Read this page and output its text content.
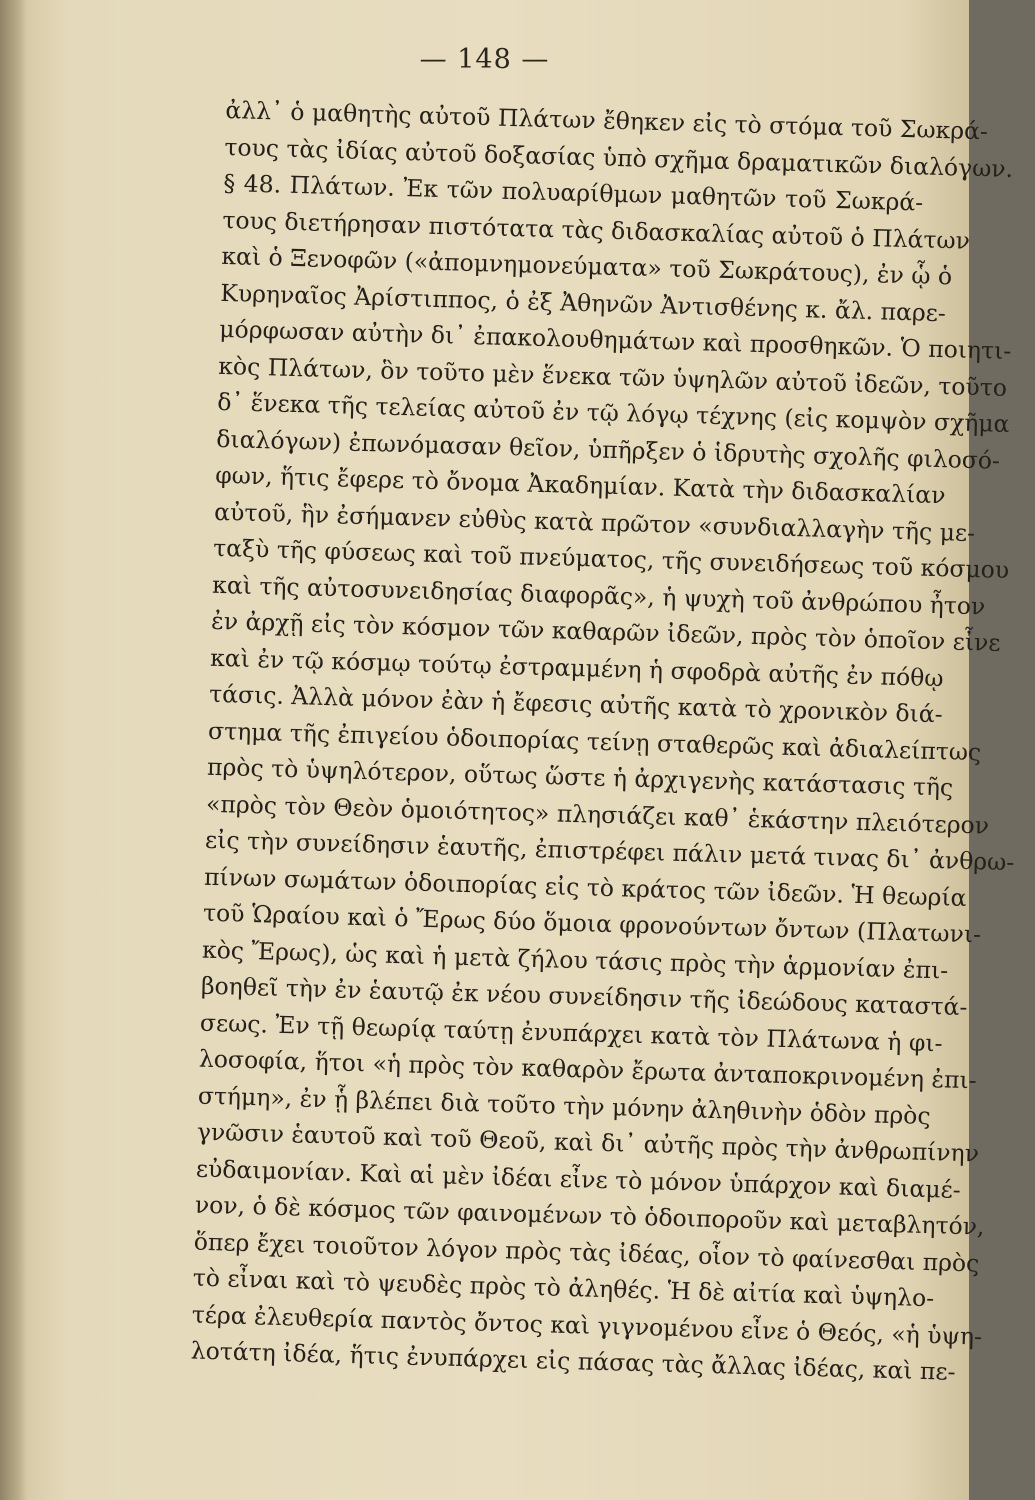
— 148 —
ἀλλ᾽ ὁ μαθητὴς αὐτοῦ Πλάτων ἔθηκεν εἰς τὸ στόμα τοῦ Σωκρά-
τους τὰς ἰδίας αὐτοῦ δοξασίας ὑπὸ σχῆμα δραματικῶν διαλόγων.
§ 48. Πλάτων. Ἐκ τῶν πολυαρίθμων μαθητῶν τοῦ Σωκρά-
τους διετήρησαν πιστότατα τὰς διδασκαλίας αὐτοῦ ὁ Πλάτων
καὶ ὁ Ξενοφῶν («ἀπομνημονεύματα» τοῦ Σωκράτους), ἐν ᾧ ὁ
Κυρηναῖος Ἀρίστιππος, ὁ ἐξ Ἀθηνῶν Ἀντισθένης κ. ἄλ. παρε-
μόρφωσαν αὐτὴν δι᾽ ἐπακολουθημάτων καὶ προσθηκῶν. Ὁ ποιητι-
κὸς Πλάτων, ὃν τοῦτο μὲν ἕνεκα τῶν ὑψηλῶν αὐτοῦ ἰδεῶν, τοῦτο
δ᾽ ἕνεκα τῆς τελείας αὐτοῦ ἐν τῷ λόγῳ τέχνης (εἰς κομψὸν σχῆμα
διαλόγων) ἐπωνόμασαν θεῖον, ὑπῆρξεν ὁ ἱδρυτὴς σχολῆς φιλοσό-
φων, ἥτις ἔφερε τὸ ὄνομα Ἀκαδημίαν. Κατὰ τὴν διδασκαλίαν
αὐτοῦ, ἣν ἐσήμανεν εὐθὺς κατὰ πρῶτον «συνδιαλλαγὴν τῆς με-
ταξὺ τῆς φύσεως καὶ τοῦ πνεύματος, τῆς συνειδήσεως τοῦ κόσμου
καὶ τῆς αὐτοσυνειδησίας διαφορᾶς», ἡ ψυχὴ τοῦ ἀνθρώπου ἦτον
ἐν ἀρχῇ εἰς τὸν κόσμον τῶν καθαρῶν ἰδεῶν, πρὸς τὸν ὁποῖον εἶνε
καὶ ἐν τῷ κόσμῳ τούτῳ ἐστραμμένη ἡ σφοδρὰ αὐτῆς ἐν πόθῳ
τάσις. Ἀλλὰ μόνον ἐὰν ἡ ἔφεσις αὐτῆς κατὰ τὸ χρονικὸν διά-
στημα τῆς ἐπιγείου ὁδοιπορίας τείνῃ σταθερῶς καὶ ἀδιαλείπτως
πρὸς τὸ ὑψηλότερον, οὕτως ὥστε ἡ ἀρχιγενὴς κατάστασις τῆς
«πρὸς τὸν Θεὸν ὁμοιότητος» πλησιάζει καθ᾽ ἑκάστην πλειότερον
εἰς τὴν συνείδησιν ἑαυτῆς, ἐπιστρέφει πάλιν μετά τινας δι᾽ ἀνθρω-
πίνων σωμάτων ὁδοιπορίας εἰς τὸ κράτος τῶν ἰδεῶν. Ἡ θεωρία
τοῦ Ὡραίου καὶ ὁ Ἔρως δύο ὅμοια φρονούντων ὄντων (Πλατωνι-
κὸς Ἔρως), ὡς καὶ ἡ μετὰ ζήλου τάσις πρὸς τὴν ἁρμονίαν ἐπι-
βοηθεῖ τὴν ἐν ἑαυτῷ ἐκ νέου συνείδησιν τῆς ἰδεώδους καταστά-
σεως. Ἐν τῇ θεωρίᾳ ταύτῃ ἐνυπάρχει κατὰ τὸν Πλάτωνα ἡ φι-
λοσοφία, ἥτοι «ἡ πρὸς τὸν καθαρὸν ἔρωτα ἀνταποκρινομένη ἐπι-
στήμη», ἐν ᾗ βλέπει διὰ τοῦτο τὴν μόνην ἀληθινὴν ὁδὸν πρὸς
γνῶσιν ἑαυτοῦ καὶ τοῦ Θεοῦ, καὶ δι᾽ αὐτῆς πρὸς τὴν ἀνθρωπίνην
εὐδαιμονίαν. Καὶ αἱ μὲν ἰδέαι εἶνε τὸ μόνον ὑπάρχον καὶ διαμέ-
νον, ὁ δὲ κόσμος τῶν φαινομένων τὸ ὁδοιποροῦν καὶ μεταβλητόν,
ὅπερ ἔχει τοιοῦτον λόγον πρὸς τὰς ἰδέας, οἷον τὸ φαίνεσθαι πρὸς
τὸ εἶναι καὶ τὸ ψευδὲς πρὸς τὸ ἀληθές. Ἡ δὲ αἰτία καὶ ὑψηλο-
τέρα ἐλευθερία παντὸς ὄντος καὶ γιγνομένου εἶνε ὁ Θεός, «ἡ ὑψη-
λοτάτη ἰδέα, ἥτις ἐνυπάρχει εἰς πάσας τὰς ἄλλας ἰδέας, καὶ πε-
